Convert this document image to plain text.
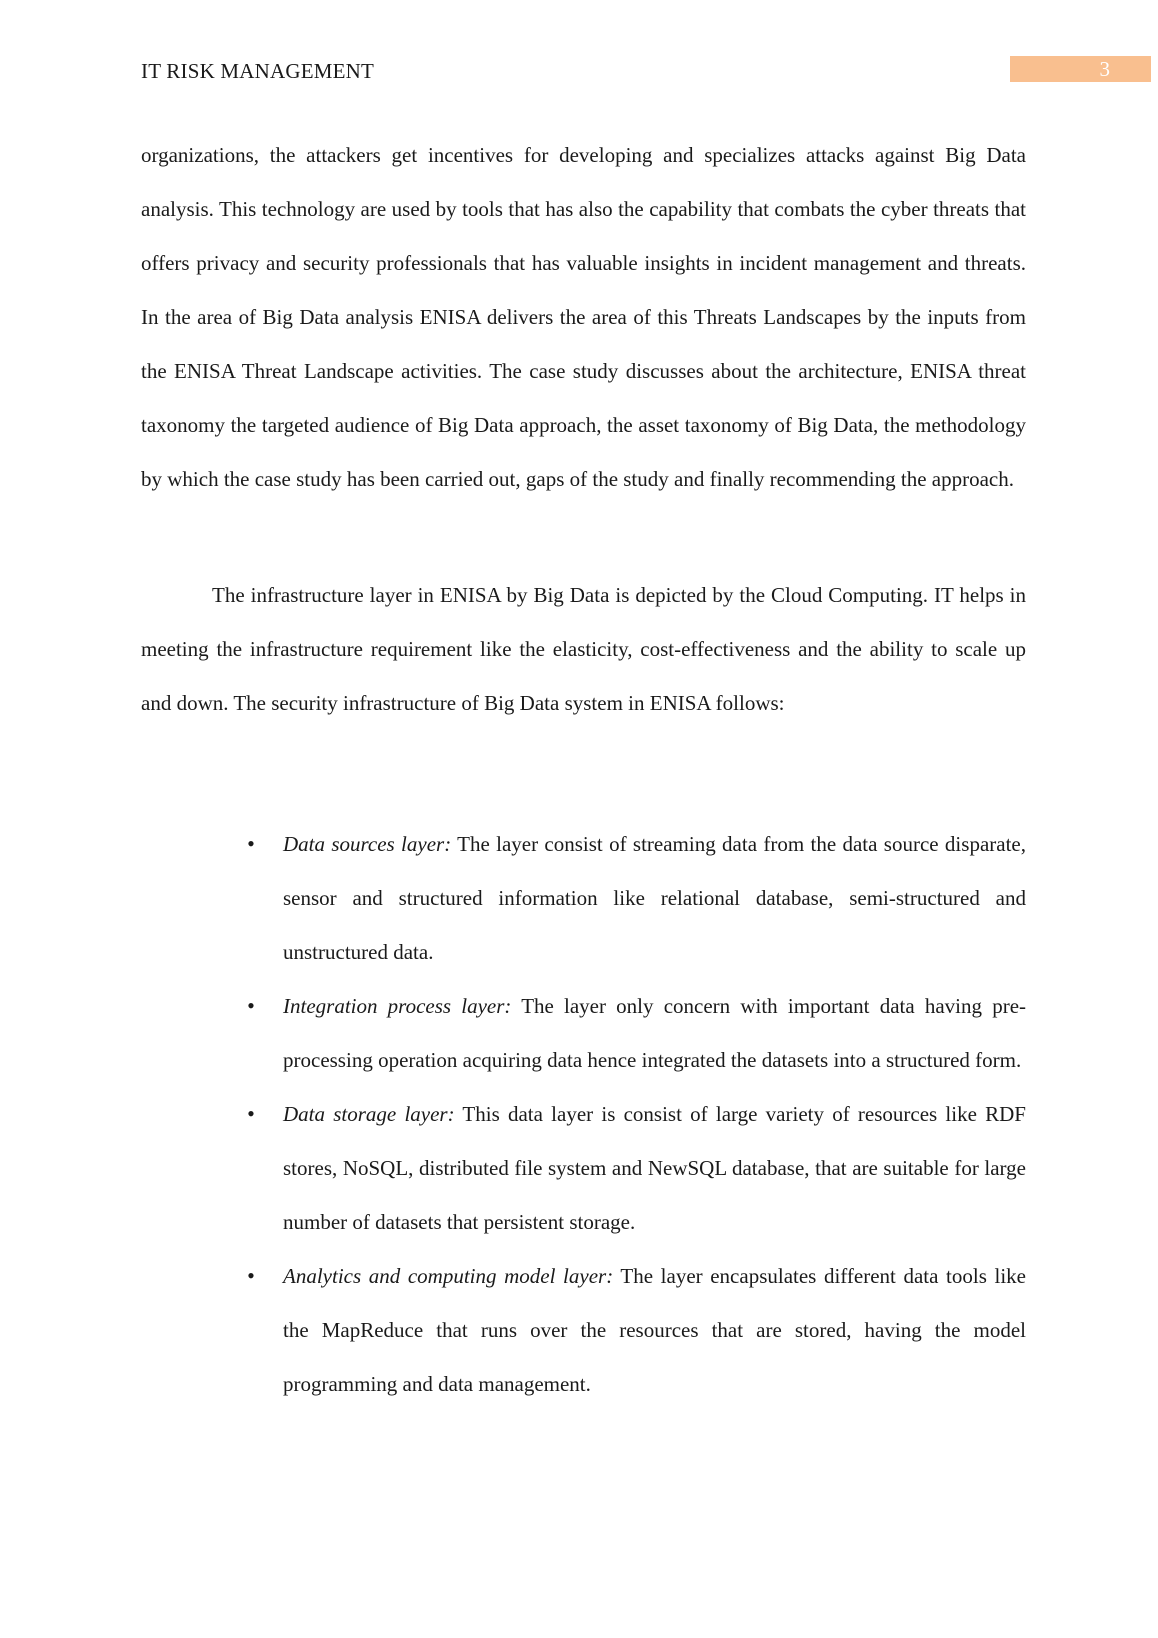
IT RISK MANAGEMENT	3

organizations, the attackers get incentives for developing and specializes attacks against Big Data analysis. This technology are used by tools that has also the capability that combats the cyber threats that offers privacy and security professionals that has valuable insights in incident management and threats. In the area of Big Data analysis ENISA delivers the area of this Threats Landscapes by the inputs from the ENISA Threat Landscape activities. The case study discusses about the architecture, ENISA threat taxonomy the targeted audience of Big Data approach, the asset taxonomy of Big Data, the methodology by which the case study has been carried out, gaps of the study and finally recommending the approach.

The infrastructure layer in ENISA by Big Data is depicted by the Cloud Computing. IT helps in meeting the infrastructure requirement like the elasticity, cost-effectiveness and the ability to scale up and down. The security infrastructure of Big Data system in ENISA follows:

• Data sources layer: The layer consist of streaming data from the data source disparate, sensor and structured information like relational database, semi-structured and unstructured data.
• Integration process layer: The layer only concern with important data having pre-processing operation acquiring data hence integrated the datasets into a structured form.
• Data storage layer: This data layer is consist of large variety of resources like RDF stores, NoSQL, distributed file system and NewSQL database, that are suitable for large number of datasets that persistent storage.
• Analytics and computing model layer: The layer encapsulates different data tools like the MapReduce that runs over the resources that are stored, having the model programming and data management.
